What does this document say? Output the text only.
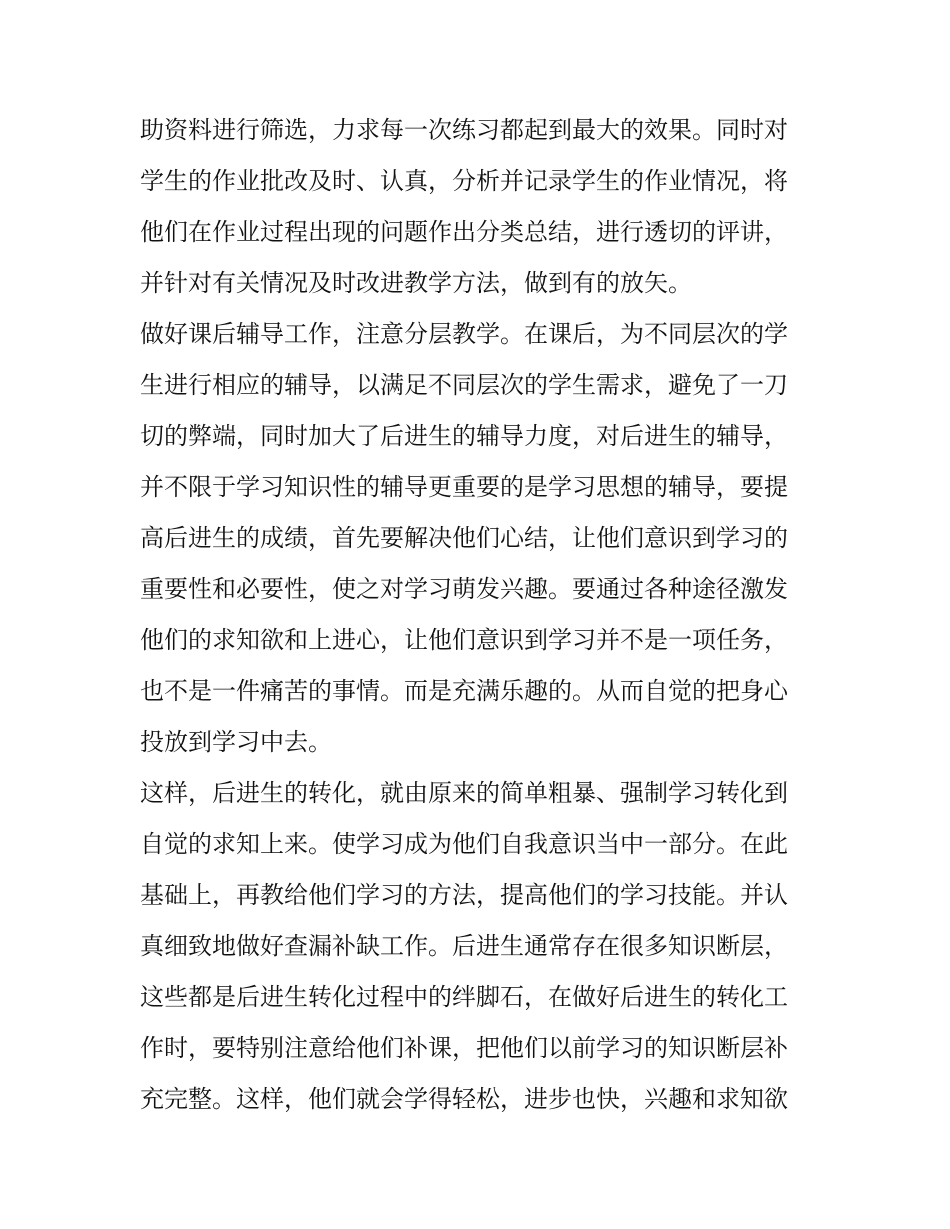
助资料进行筛选，力求每一次练习都起到最大的效果。同时对
学生的作业批改及时、认真，分析并记录学生的作业情况，将
他们在作业过程出现的问题作出分类总结，进行透切的评讲，
并针对有关情况及时改进教学方法，做到有的放矢。
做好课后辅导工作，注意分层教学。在课后，为不同层次的学
生进行相应的辅导，以满足不同层次的学生需求，避免了一刀
切的弊端，同时加大了后进生的辅导力度，对后进生的辅导，
并不限于学习知识性的辅导更重要的是学习思想的辅导，要提
高后进生的成绩，首先要解决他们心结，让他们意识到学习的
重要性和必要性，使之对学习萌发兴趣。要通过各种途径激发
他们的求知欲和上进心，让他们意识到学习并不是一项任务，
也不是一件痛苦的事情。而是充满乐趣的。从而自觉的把身心
投放到学习中去。
这样，后进生的转化，就由原来的简单粗暴、强制学习转化到
自觉的求知上来。使学习成为他们自我意识当中一部分。在此
基础上，再教给他们学习的方法，提高他们的学习技能。并认
真细致地做好查漏补缺工作。后进生通常存在很多知识断层，
这些都是后进生转化过程中的绊脚石，在做好后进生的转化工
作时，要特别注意给他们补课，把他们以前学习的知识断层补
充完整。这样，他们就会学得轻松，进步也快，兴趣和求知欲
